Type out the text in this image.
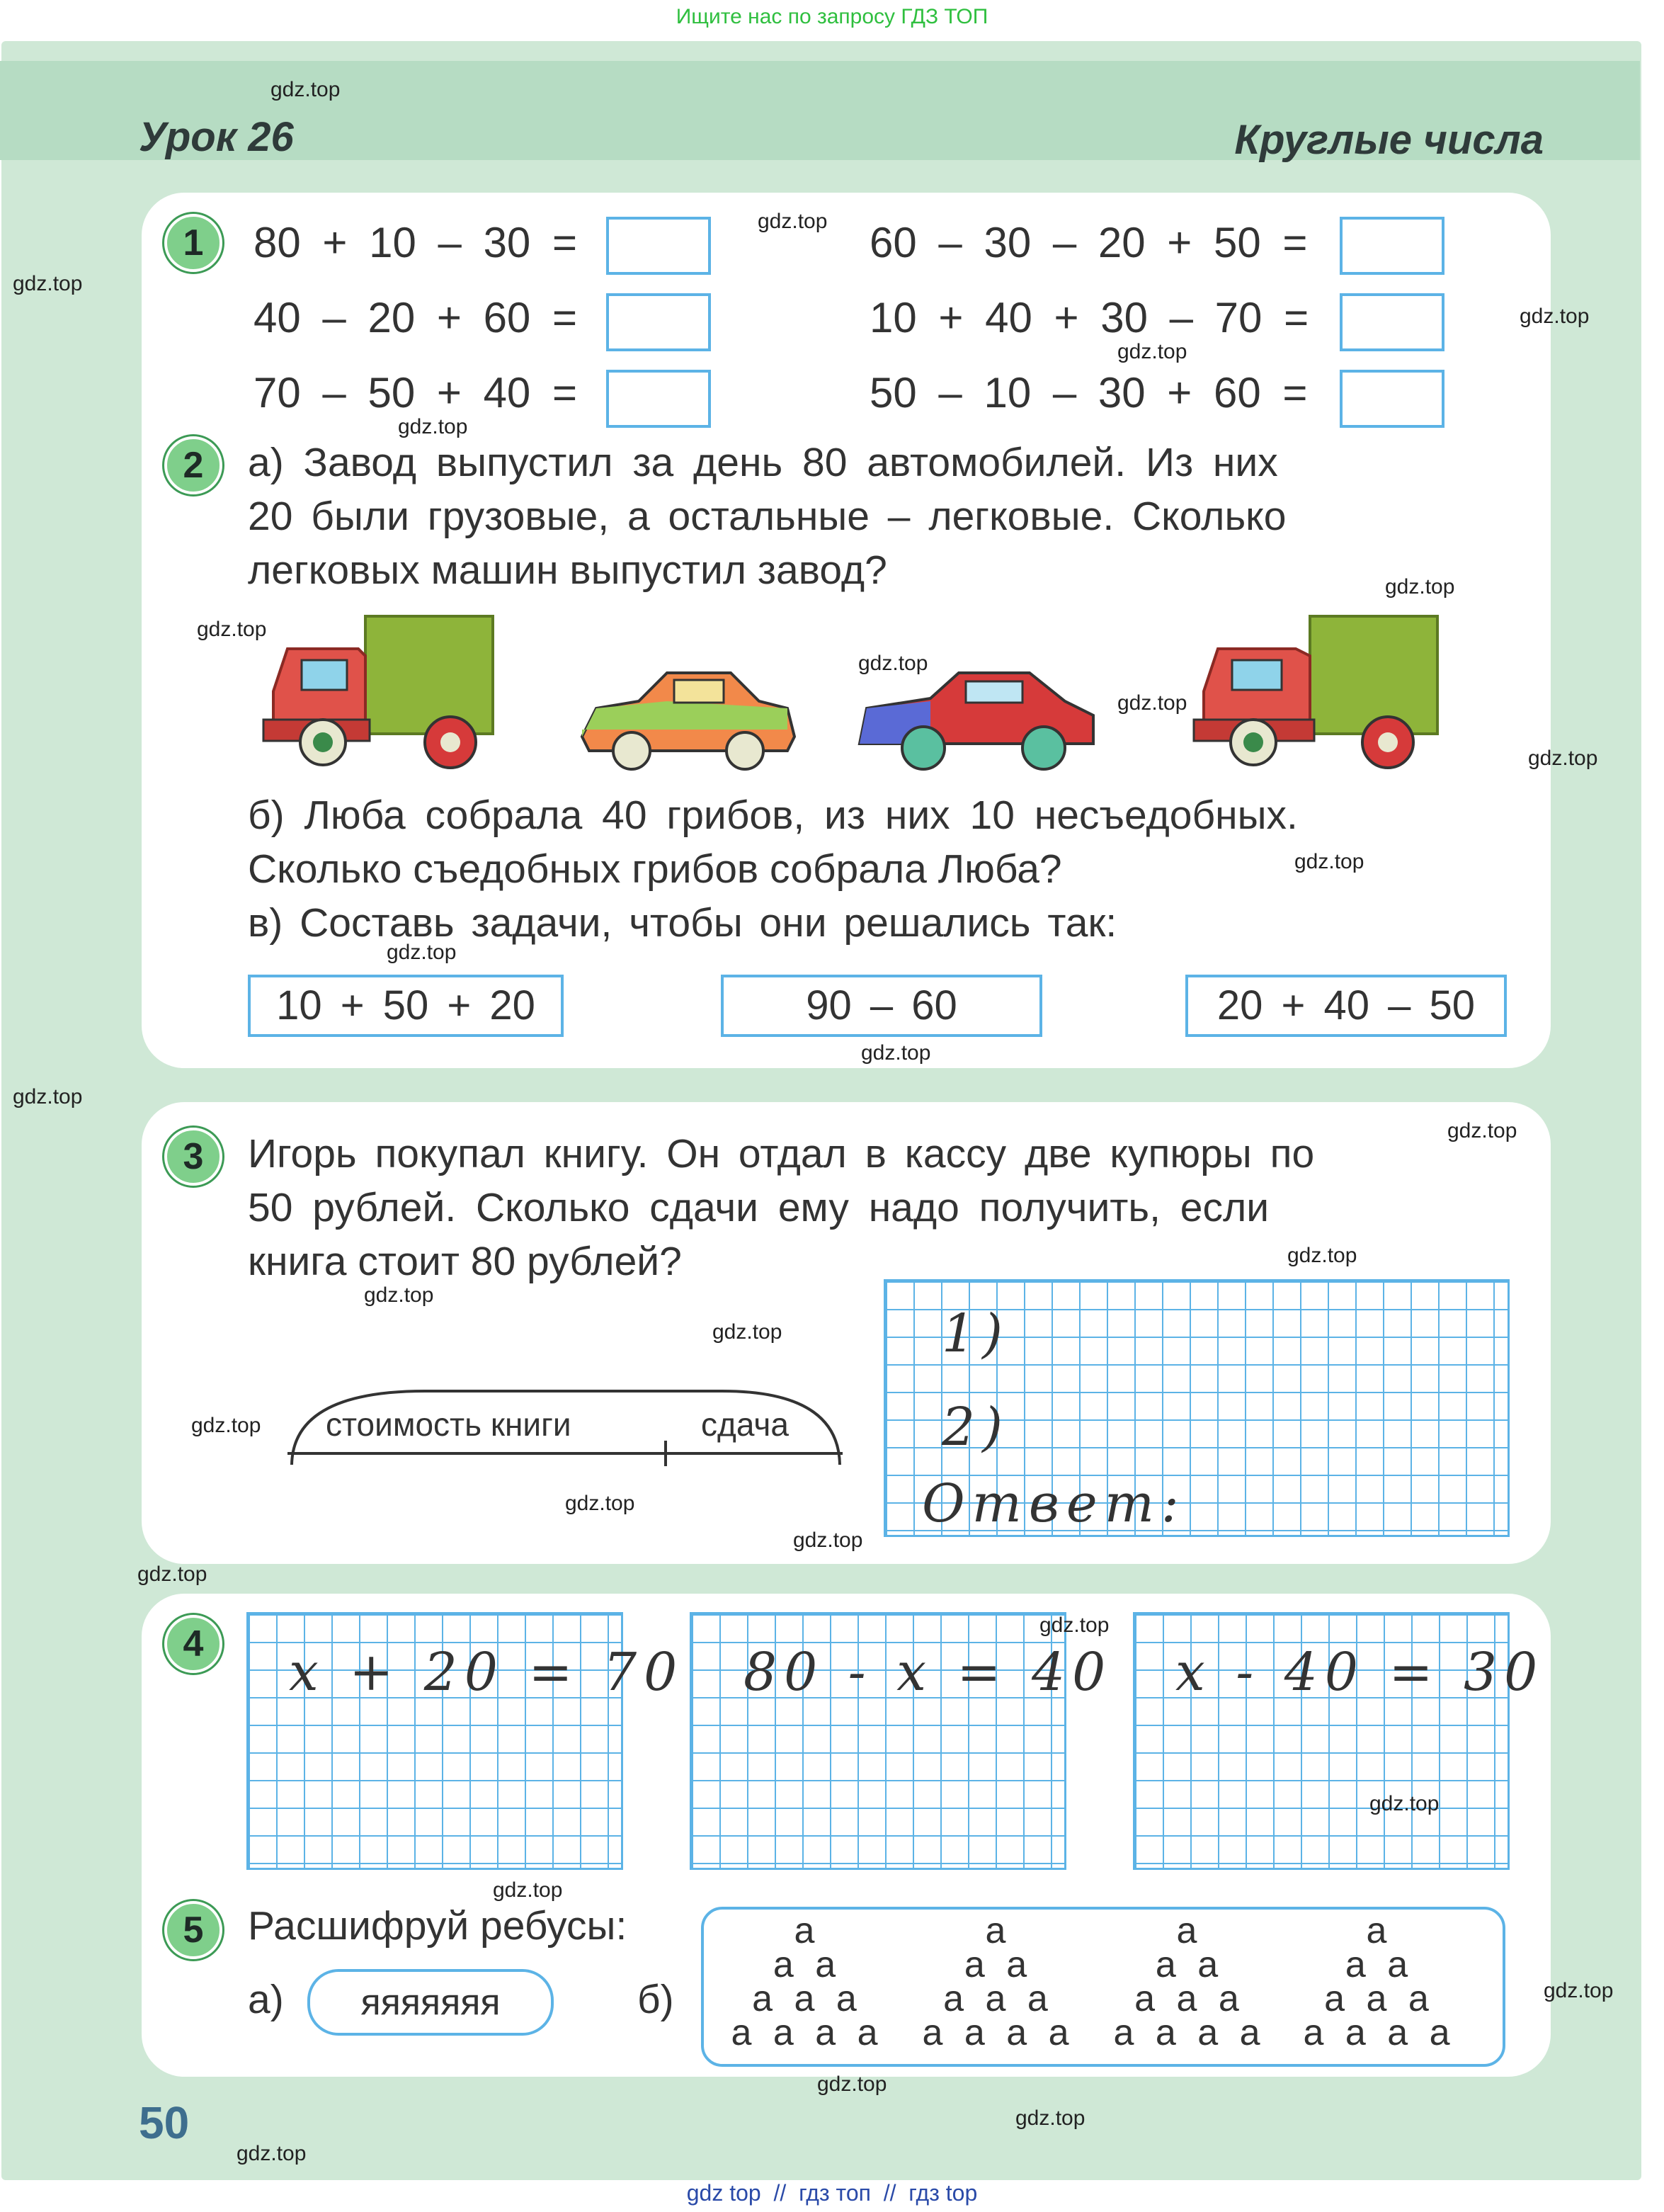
Ищите нас по запросу ГДЗ ТОП
Урок 26	Круглые числа
1	80 + 10 – 30 =
40 – 20 + 60 =
70 – 50 + 40 =
60 – 30 – 20 + 50 =
10 + 40 + 30 – 70 =
50 – 10 – 30 + 60 =
2	а) Завод выпустил за день 80 автомобилей. Из них
20 были грузовые, а остальные – легковые. Сколько
легковых машин выпустил завод?
б) Люба собрала 40 грибов, из них 10 несъедобных.
Сколько съедобных грибов собрала Люба?
в) Составь задачи, чтобы они решались так:
10 + 50 + 20	90 – 60	20 + 40 – 50
3	Игорь покупал книгу. Он отдал в кассу две купюры по
50 рублей. Сколько сдачи ему надо получить, если
книга стоит 80 рублей?
стоимость книги	сдача
1)
2)
Ответ:
4	x + 20 = 70 80 - x = 40 x - 40 = 30
5	Расшифруй ребусы:
а)	яяяяяяя	б)
а
а а
а а а
а а а а
а
а а
а а а
а а а а
а
а а
а а а
а а а а
а
а а
а а а
а а а а
50
gdz.top
gdz.top
gdz.top
gdz.top
gdz.top
gdz.top
gdz.top
gdz.top
gdz.top
gdz.top
gdz.top
gdz.top
gdz.top
gdz.top
gdz.top
gdz.top
gdz.top
gdz.top
gdz.top
gdz.top
gdz.top
gdz.top
gdz.top
gdz.top
gdz.top
gdz.top
gdz.top
gdz.top
gdz.top
gdz.top
gdz top  //  гдз топ  //  гдз top
